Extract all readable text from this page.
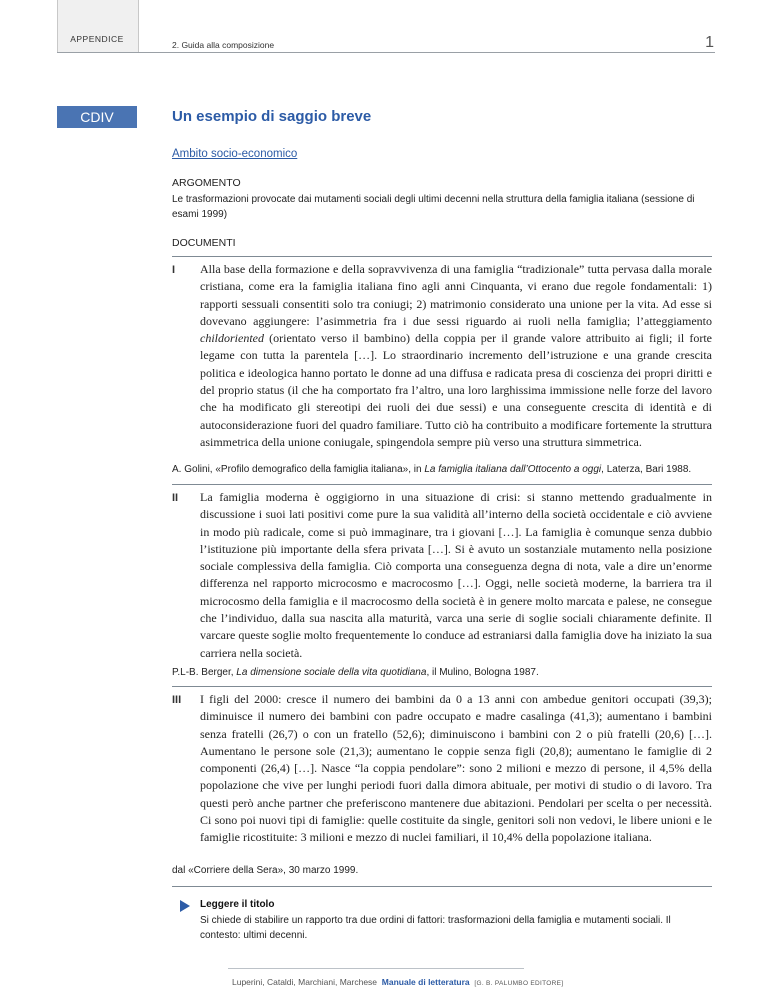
APPENDICE
2. Guida alla composizione	1
CDIV	Un esempio di saggio breve
Ambito socio-economico
ARGOMENTO
Le trasformazioni provocate dai mutamenti sociali degli ultimi decenni nella struttura della famiglia italiana (sessione di esami 1999)
DOCUMENTI
I Alla base della formazione e della sopravvivenza di una famiglia “tradizionale” tutta pervasa dalla morale cristiana, come era la famiglia italiana fino agli anni Cinquanta, vi erano due regole fondamentali: 1) rapporti sessuali consentiti solo tra coniugi; 2) matrimonio considerato una unione per la vita. Ad esse si dovevano aggiungere: l’asimmetria fra i due sessi riguardo ai ruoli nella famiglia; l’atteggiamento childoriented (orientato verso il bambino) della coppia per il grande valore attribuito ai figli; il forte legame con tutta la parentela […]. Lo straordinario incremento dell’istruzione e una grande crescita politica e ideologica hanno portato le donne ad una diffusa e radicata presa di coscienza dei propri diritti e del proprio status (il che ha comportato fra l’altro, una loro larghissima immissione nelle forze del lavoro che ha modificato gli stereotipi dei ruoli dei due sessi) e una conseguente crescita di identità e di autoconsiderazione fuori del quadro familiare. Tutto ciò ha contribuito a modificare fortemente la struttura asimmetrica della unione coniugale, spingendola sempre più verso una struttura simmetrica.
A. Golini, «Profilo demografico della famiglia italiana», in La famiglia italiana dall’Ottocento a oggi, Laterza, Bari 1988.
II La famiglia moderna è oggigiorno in una situazione di crisi: si stanno mettendo gradualmente in discussione i suoi lati positivi come pure la sua validità all’interno della società occidentale e ciò avviene in modo più radicale, come si può immaginare, tra i giovani […]. La famiglia è comunque senza dubbio l’istituzione più importante della sfera privata […]. Si è avuto un sostanziale mutamento nella posizione sociale complessiva della famiglia. Ciò comporta una conseguenza degna di nota, vale a dire un’enorme differenza nel rapporto microcosmo e macrocosmo […]. Oggi, nelle società moderne, la barriera tra il microcosmo della famiglia e il macrocosmo della società è in genere molto marcata e palese, ne consegue che l’individuo, dalla sua nascita alla maturità, varca una serie di soglie sociali chiaramente definite. Il varcare queste soglie molto frequentemente lo conduce ad estraniarsi dalla famiglia dove ha iniziato la sua carriera nella società.
P.L-B. Berger, La dimensione sociale della vita quotidiana, il Mulino, Bologna 1987.
III I figli del 2000: cresce il numero dei bambini da 0 a 13 anni con ambedue genitori occupati (39,3); diminuisce il numero dei bambini con padre occupato e madre casalinga (41,3); aumentano i bambini senza fratelli (26,7) o con un fratello (52,6); diminuiscono i bambini con 2 o più fratelli (20,6) […]. Aumentano le persone sole (21,3); aumentano le coppie senza figli (20,8); aumentano le famiglie di 2 componenti (26,4) […]. Nasce “la coppia pendolare”: sono 2 milioni e mezzo di persone, il 4,5% della popolazione che vive per lunghi periodi fuori dalla dimora abituale, per motivi di studio o di lavoro. Tra questi però anche partner che preferiscono mantenere due abitazioni. Pendolari per scelta o per necessità. Ci sono poi nuovi tipi di famiglie: quelle costituite da single, genitori soli non vedovi, le libere unioni e le famiglie ricostituite: 3 milioni e mezzo di nuclei familiari, il 10,4% della popolazione italiana.
dal «Corriere della Sera», 30 marzo 1999.
Leggere il titolo
Si chiede di stabilire un rapporto tra due ordini di fattori: trasformazioni della famiglia e mutamenti sociali. Il contesto: ultimi decenni.
Luperini, Cataldi, Marchiani, Marchese Manuale di letteratura [G. B. PALUMBO EDITORE]
